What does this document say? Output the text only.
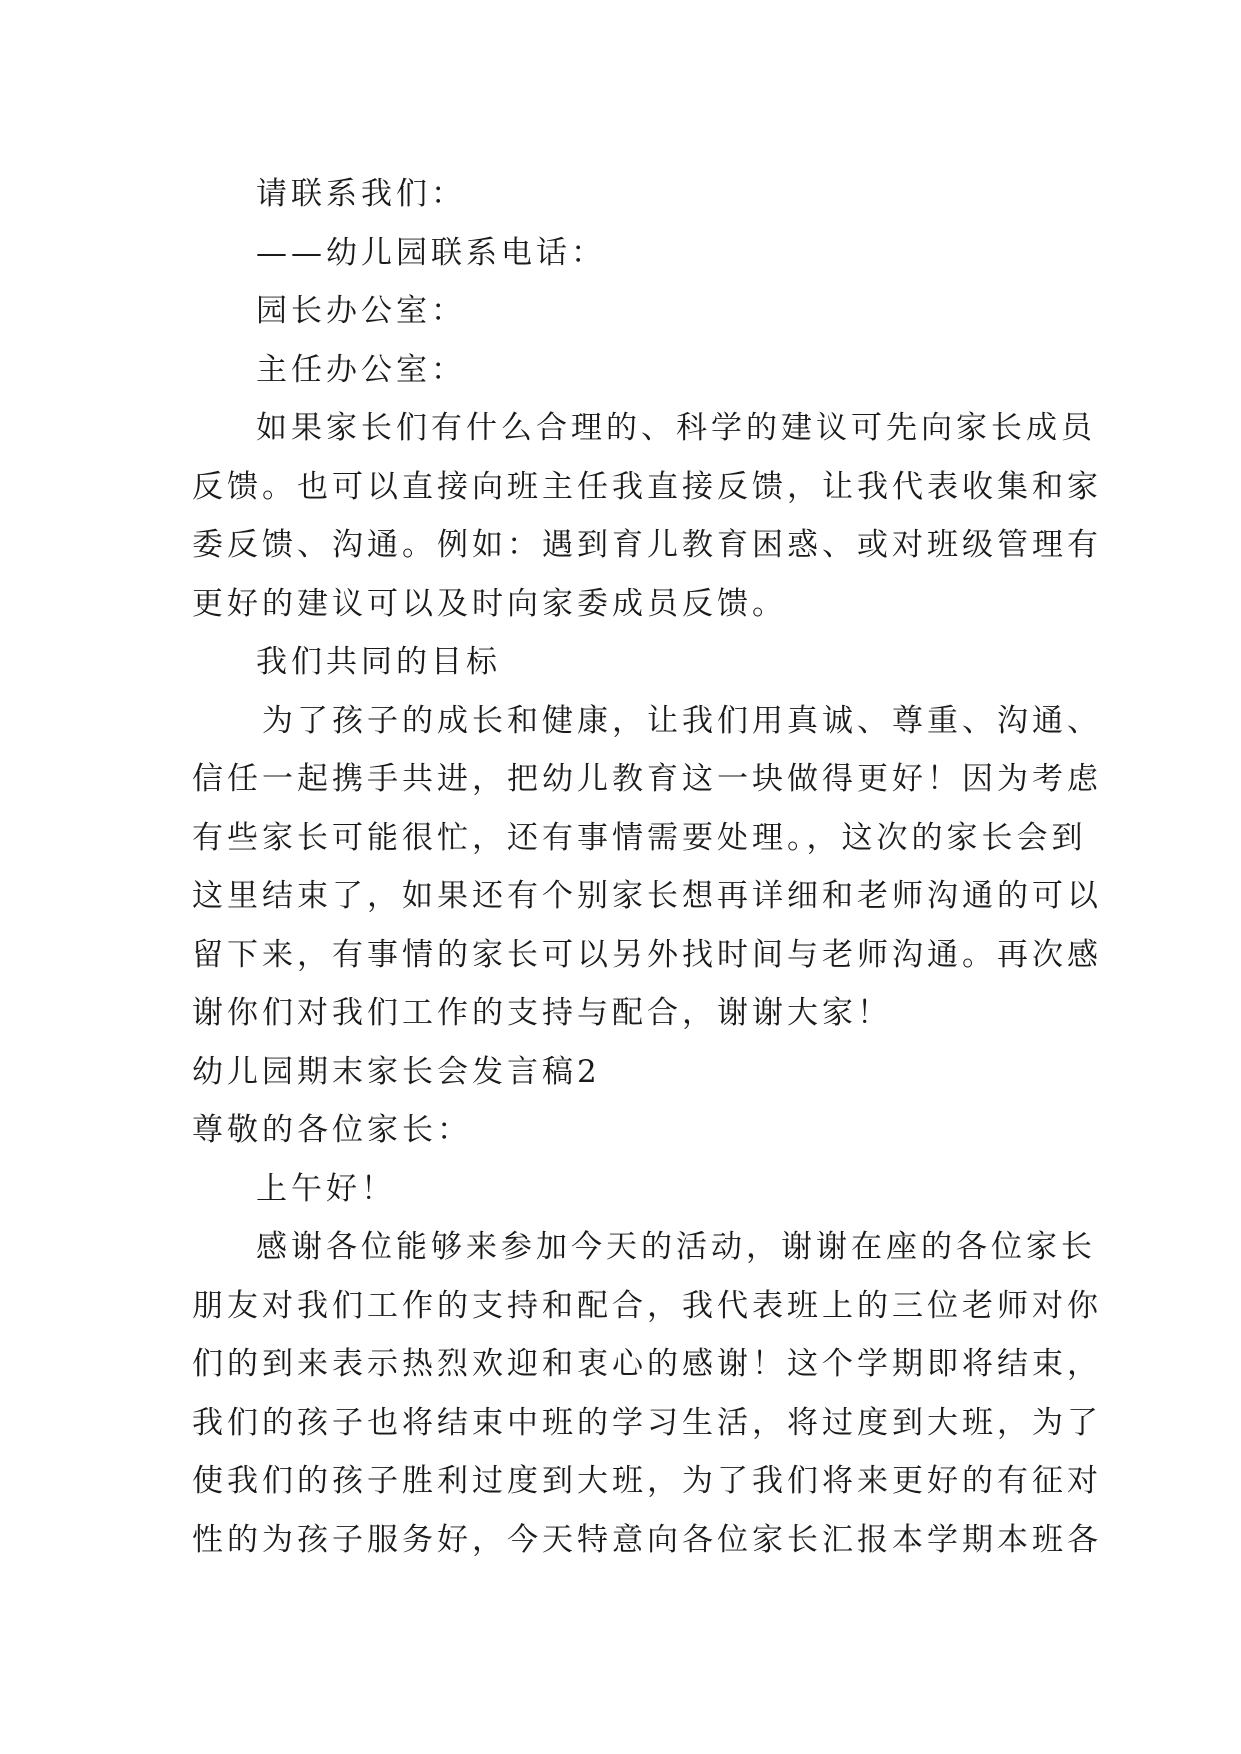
请联系我们：

——幼儿园联系电话：

园长办公室：

主任办公室：

如果家长们有什么合理的、科学的建议可先向家长成员

反馈。也可以直接向班主任我直接反馈，让我代表收集和家

委反馈、沟通。例如：遇到育儿教育困惑、或对班级管理有

更好的建议可以及时向家委成员反馈。

我们共同的目标

为了孩子的成长和健康，让我们用真诚、尊重、沟通、

信任一起携手共进，把幼儿教育这一块做得更好！因为考虑

有些家长可能很忙，还有事情需要处理。，这次的家长会到

这里结束了，如果还有个别家长想再详细和老师沟通的可以

留下来，有事情的家长可以另外找时间与老师沟通。再次感

谢你们对我们工作的支持与配合，谢谢大家！

幼儿园期末家长会发言稿2

尊敬的各位家长：

上午好！

感谢各位能够来参加今天的活动，谢谢在座的各位家长

朋友对我们工作的支持和配合，我代表班上的三位老师对你

们的到来表示热烈欢迎和衷心的感谢！这个学期即将结束，

我们的孩子也将结束中班的学习生活，将过度到大班，为了

使我们的孩子胜利过度到大班，为了我们将来更好的有征对

性的为孩子服务好，今天特意向各位家长汇报本学期本班各
